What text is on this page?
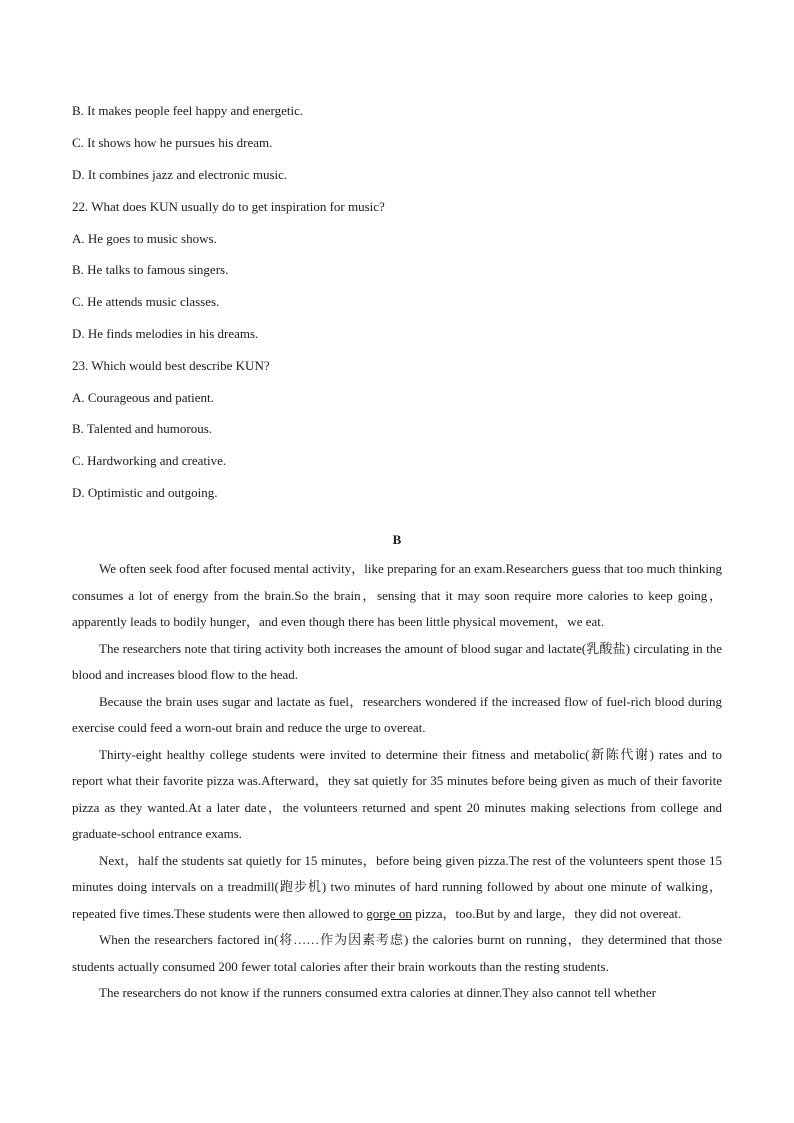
B. It makes people feel happy and energetic.
C. It shows how he pursues his dream.
D. It combines jazz and electronic music.
22. What does KUN usually do to get inspiration for music?
A. He goes to music shows.
B. He talks to famous singers.
C. He attends music classes.
D. He finds melodies in his dreams.
23. Which would best describe KUN?
A. Courageous and patient.
B. Talented and humorous.
C. Hardworking and creative.
D. Optimistic and outgoing.
B

We often seek food after focused mental activity，like preparing for an exam.Researchers guess that too much thinking consumes a lot of energy from the brain.So the brain，sensing that it may soon require more calories to keep going，apparently leads to bodily hunger，and even though there has been little physical movement，we eat.

The researchers note that tiring activity both increases the amount of blood sugar and lactate(乳酸盐) circulating in the blood and increases blood flow to the head.

Because the brain uses sugar and lactate as fuel，researchers wondered if the increased flow of fuel-rich blood during exercise could feed a worn-out brain and reduce the urge to overeat.

Thirty-eight healthy college students were invited to determine their fitness and metabolic(新陈代谢) rates and to report what their favorite pizza was.Afterward，they sat quietly for 35 minutes before being given as much of their favorite pizza as they wanted.At a later date，the volunteers returned and spent 20 minutes making selections from college and graduate-school entrance exams.

Next，half the students sat quietly for 15 minutes，before being given pizza.The rest of the volunteers spent those 15 minutes doing intervals on a treadmill(跑步机) two minutes of hard running followed by about one minute of walking，repeated five times.These students were then allowed to gorge on pizza，too.But by and large，they did not overeat.

When the researchers factored in(将……作为因素考虑) the calories burnt on running，they determined that those students actually consumed 200 fewer total calories after their brain workouts than the resting students.

The researchers do not know if the runners consumed extra calories at dinner.They also cannot tell whether
